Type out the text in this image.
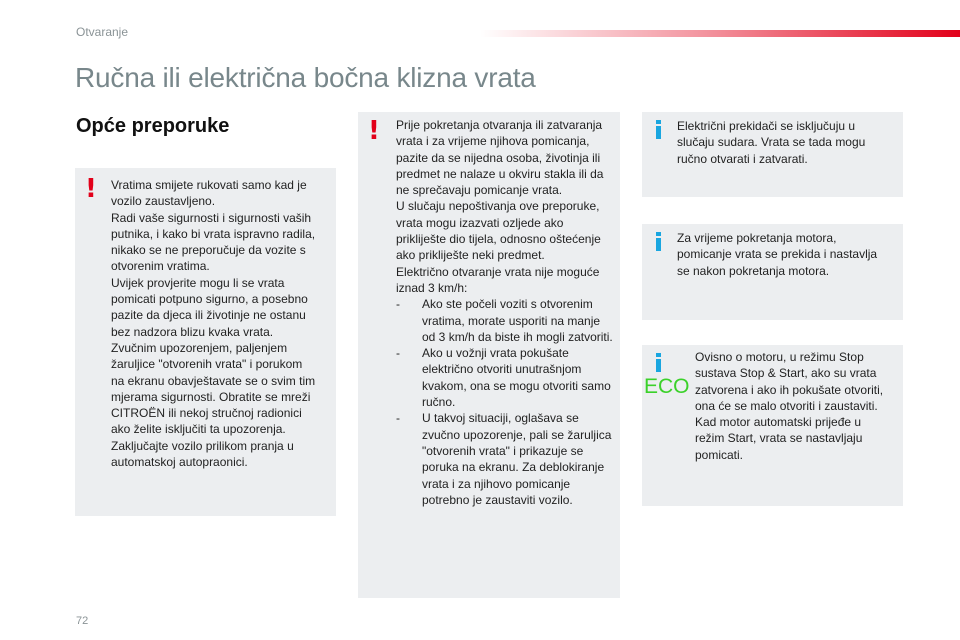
Otvaranje
Ručna ili električna bočna klizna vrata
Opće preporuke
! Vratima smijete rukovati samo kad je
vozilo zaustavljeno.
Radi vaše sigurnosti i sigurnosti vaših
putnika, i kako bi vrata ispravno radila,
nikako se ne preporučuje da vozite s
otvorenim vratima.
Uvijek provjerite mogu li se vrata
pomicati potpuno sigurno, a posebno
pazite da djeca ili životinje ne ostanu
bez nadzora blizu kvaka vrata.
Zvučnim upozorenjem, paljenjem
žaruljice "otvorenih vrata" i porukom
na ekranu obavještavate se o svim tim
mjerama sigurnosti. Obratite se mreži
CITROËN ili nekoj stručnoj radionici
ako želite isključiti ta upozorenja.
Zaključajte vozilo prilikom pranja u
automatskoj autopraonici.
! Prije pokretanja otvaranja ili zatvaranja
vrata i za vrijeme njihova pomicanja,
pazite da se nijedna osoba, životinja ili
predmet ne nalaze u okviru stakla ili da
ne sprečavaju pomicanje vrata.
U slučaju nepoštivanja ove preporuke,
vrata mogu izazvati ozljede ako
priklijеšte dio tijela, odnosno oštećenje
ako priklijеšte neki predmet.
Električno otvaranje vrata nije moguće
iznad 3 km/h:
- Ako ste počeli voziti s otvorenim
vratima, morate usporiti na manje
od 3 km/h da biste ih mogli zatvoriti.
- Ako u vožnji vrata pokušate
električno otvoriti unutrašnjom
kvakom, ona se mogu otvoriti samo
ručno.
- U takvoj situaciji, oglašava se
zvučno upozorenje, pali se žaruljica
"otvorenih vrata" i prikazuje se
poruka na ekranu. Za deblokiranje
vrata i za njihovo pomicanje
potrebno je zaustaviti vozilo.
Električni prekidači se isključuju u
slučaju sudara. Vrata se tada mogu
ručno otvarati i zatvarati.
Za vrijeme pokretanja motora,
pomicanje vrata se prekida i nastavlja
se nakon pokretanja motora.
ECO
Ovisno o motoru, u režimu Stop
sustava Stop & Start, ako su vrata
zatvorena i ako ih pokušate otvoriti,
ona će se malo otvoriti i zaustaviti.
Kad motor automatski prijeđe u
režim Start, vrata se nastavljaju
pomicati.
72
